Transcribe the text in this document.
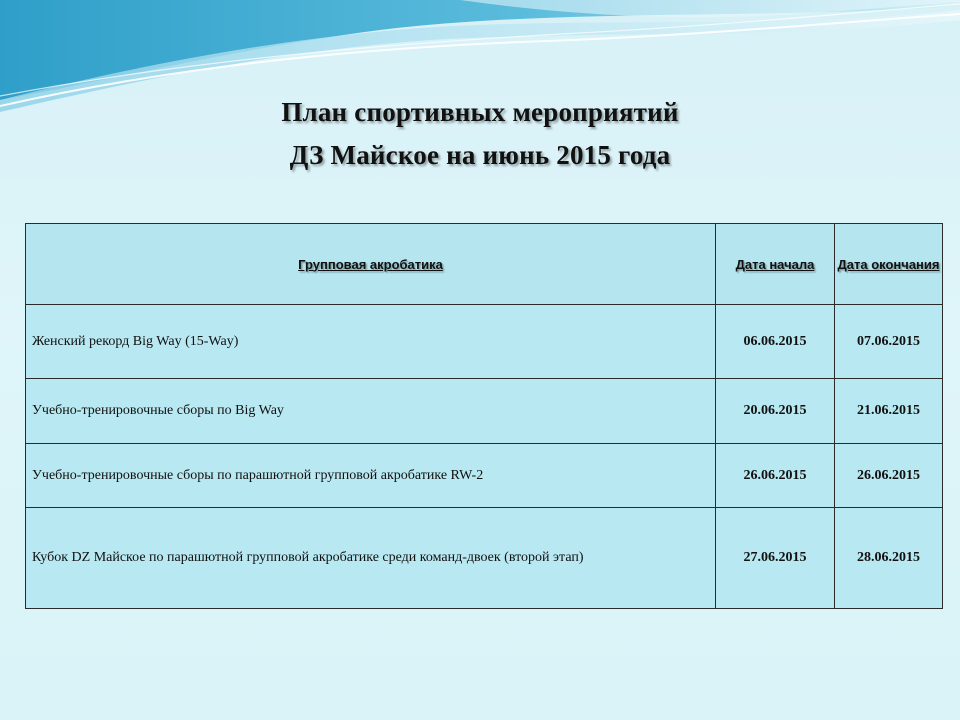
План спортивных мероприятий
ДЗ Майское на июнь 2015 года
Групповая акробатика	Дата начала	Дата окончания
Женский рекорд Big Way (15-Way)	06.06.2015	07.06.2015
Учебно-тренировочные сборы по Big Way	20.06.2015	21.06.2015
Учебно-тренировочные сборы по парашютной групповой акробатике RW-2	26.06.2015	26.06.2015
Кубок DZ Майское по парашютной групповой акробатике среди команд-двоек (второй этап)	27.06.2015	28.06.2015
